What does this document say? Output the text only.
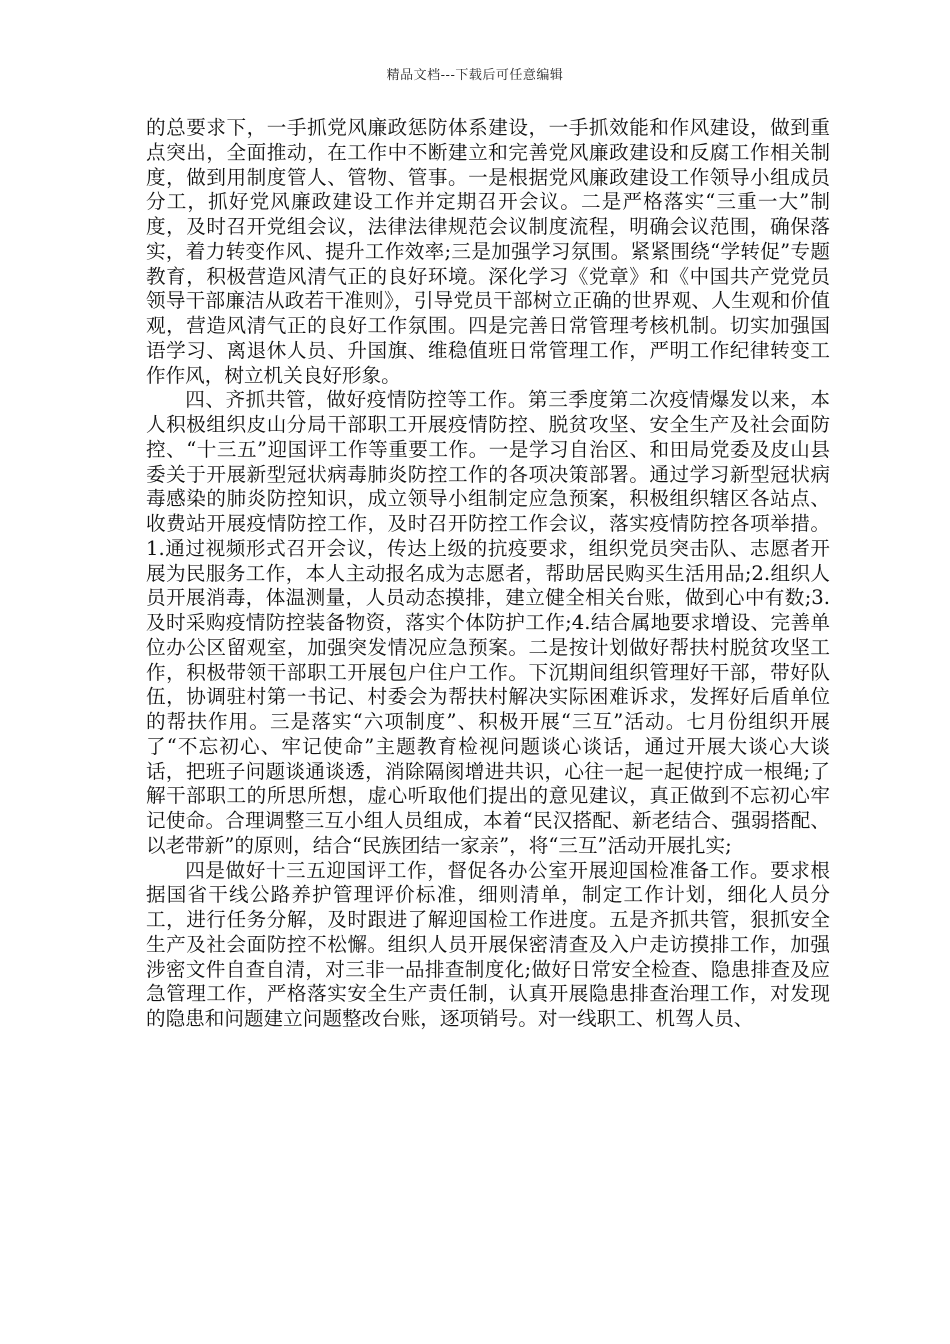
精品文档---下载后可任意编辑

的总要求下，一手抓党风廉政惩防体系建设，一手抓效能和作风建设，做到重点突出，全面推动，在工作中不断建立和完善党风廉政建设和反腐工作相关制度，做到用制度管人、管物、管事。一是根据党风廉政建设工作领导小组成员分工，抓好党风廉政建设工作并定期召开会议。二是严格落实“三重一大”制度，及时召开党组会议，法律法律规范会议制度流程，明确会议范围，确保落实，着力转变作风、提升工作效率;三是加强学习氛围。紧紧围绕“学转促”专题教育，积极营造风清气正的良好环境。深化学习《党章》和《中国共产党党员领导干部廉洁从政若干准则》，引导党员干部树立正确的世界观、人生观和价值观，营造风清气正的良好工作氛围。四是完善日常管理考核机制。切实加强国语学习、离退休人员、升国旗、维稳值班日常管理工作，严明工作纪律转变工作作风，树立机关良好形象。

四、齐抓共管，做好疫情防控等工作。第三季度第二次疫情爆发以来，本人积极组织皮山分局干部职工开展疫情防控、脱贫攻坚、安全生产及社会面防控、“十三五”迎国评工作等重要工作。一是学习自治区、和田局党委及皮山县委关于开展新型冠状病毒肺炎防控工作的各项决策部署。通过学习新型冠状病毒感染的肺炎防控知识，成立领导小组制定应急预案，积极组织辖区各站点、收费站开展疫情防控工作，及时召开防控工作会议，落实疫情防控各项举措。1.通过视频形式召开会议，传达上级的抗疫要求，组织党员突击队、志愿者开展为民服务工作，本人主动报名成为志愿者，帮助居民购买生活用品;2.组织人员开展消毒，体温测量，人员动态摸排，建立健全相关台账，做到心中有数;3.及时采购疫情防控装备物资，落实个体防护工作;4.结合属地要求增设、完善单位办公区留观室，加强突发情况应急预案。二是按计划做好帮扶村脱贫攻坚工作，积极带领干部职工开展包户住户工作。下沉期间组织管理好干部，带好队伍，协调驻村第一书记、村委会为帮扶村解决实际困难诉求，发挥好后盾单位的帮扶作用。三是落实“六项制度”、积极开展“三互”活动。七月份组织开展了“不忘初心、牢记使命”主题教育检视问题谈心谈话，通过开展大谈心大谈话，把班子问题谈通谈透，消除隔阂增进共识，心往一起一起使拧成一根绳;了解干部职工的所思所想，虚心听取他们提出的意见建议，真正做到不忘初心牢记使命。合理调整三互小组人员组成，本着“民汉搭配、新老结合、强弱搭配、以老带新”的原则，结合“民族团结一家亲”，将“三互”活动开展扎实;

四是做好十三五迎国评工作，督促各办公室开展迎国检准备工作。要求根据国省干线公路养护管理评价标准，细则清单，制定工作计划，细化人员分工，进行任务分解，及时跟进了解迎国检工作进度。五是齐抓共管，狠抓安全生产及社会面防控不松懈。组织人员开展保密清查及入户走访摸排工作，加强涉密文件自查自清，对三非一品排查制度化;做好日常安全检查、隐患排查及应急管理工作，严格落实安全生产责任制，认真开展隐患排查治理工作，对发现的隐患和问题建立问题整改台账，逐项销号。对一线职工、机驾人员、
